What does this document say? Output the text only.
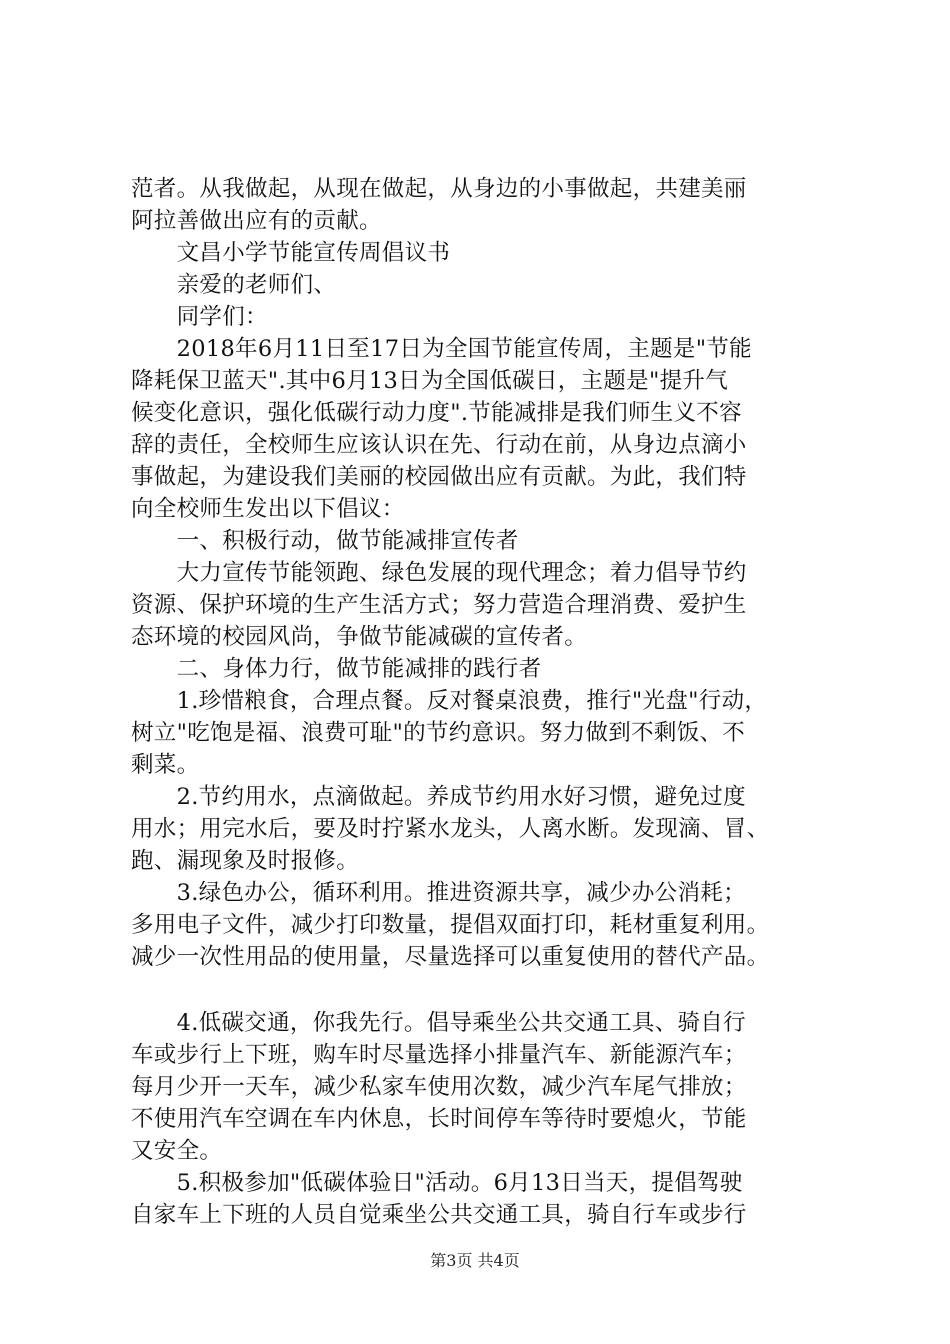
范者。从我做起，从现在做起，从身边的小事做起，共建美丽
阿拉善做出应有的贡献。
　　文昌小学节能宣传周倡议书
　　亲爱的老师们、
　　同学们：
　　2018年6月11日至17日为全国节能宣传周，主题是"节能
降耗保卫蓝天".其中6月13日为全国低碳日，主题是"提升气
候变化意识，强化低碳行动力度".节能减排是我们师生义不容
辞的责任，全校师生应该认识在先、行动在前，从身边点滴小
事做起，为建设我们美丽的校园做出应有贡献。为此，我们特
向全校师生发出以下倡议：
　　一、积极行动，做节能减排宣传者
　　大力宣传节能领跑、绿色发展的现代理念；着力倡导节约
资源、保护环境的生产生活方式；努力营造合理消费、爱护生
态环境的校园风尚，争做节能减碳的宣传者。
　　二、身体力行，做节能减排的践行者
　　1.珍惜粮食，合理点餐。反对餐桌浪费，推行"光盘"行动，
树立"吃饱是福、浪费可耻"的节约意识。努力做到不剩饭、不
剩菜。
　　2.节约用水，点滴做起。养成节约用水好习惯，避免过度
用水；用完水后，要及时拧紧水龙头，人离水断。发现滴、冒、
跑、漏现象及时报修。
　　3.绿色办公，循环利用。推进资源共享，减少办公消耗；
多用电子文件，减少打印数量，提倡双面打印，耗材重复利用。
减少一次性用品的使用量，尽量选择可以重复使用的替代产品。
　　4.低碳交通，你我先行。倡导乘坐公共交通工具、骑自行
车或步行上下班，购车时尽量选择小排量汽车、新能源汽车；
每月少开一天车，减少私家车使用次数，减少汽车尾气排放；
不使用汽车空调在车内休息，长时间停车等待时要熄火，节能
又安全。
　　5.积极参加"低碳体验日"活动。6月13日当天，提倡驾驶
自家车上下班的人员自觉乘坐公共交通工具，骑自行车或步行
第3页 共4页
